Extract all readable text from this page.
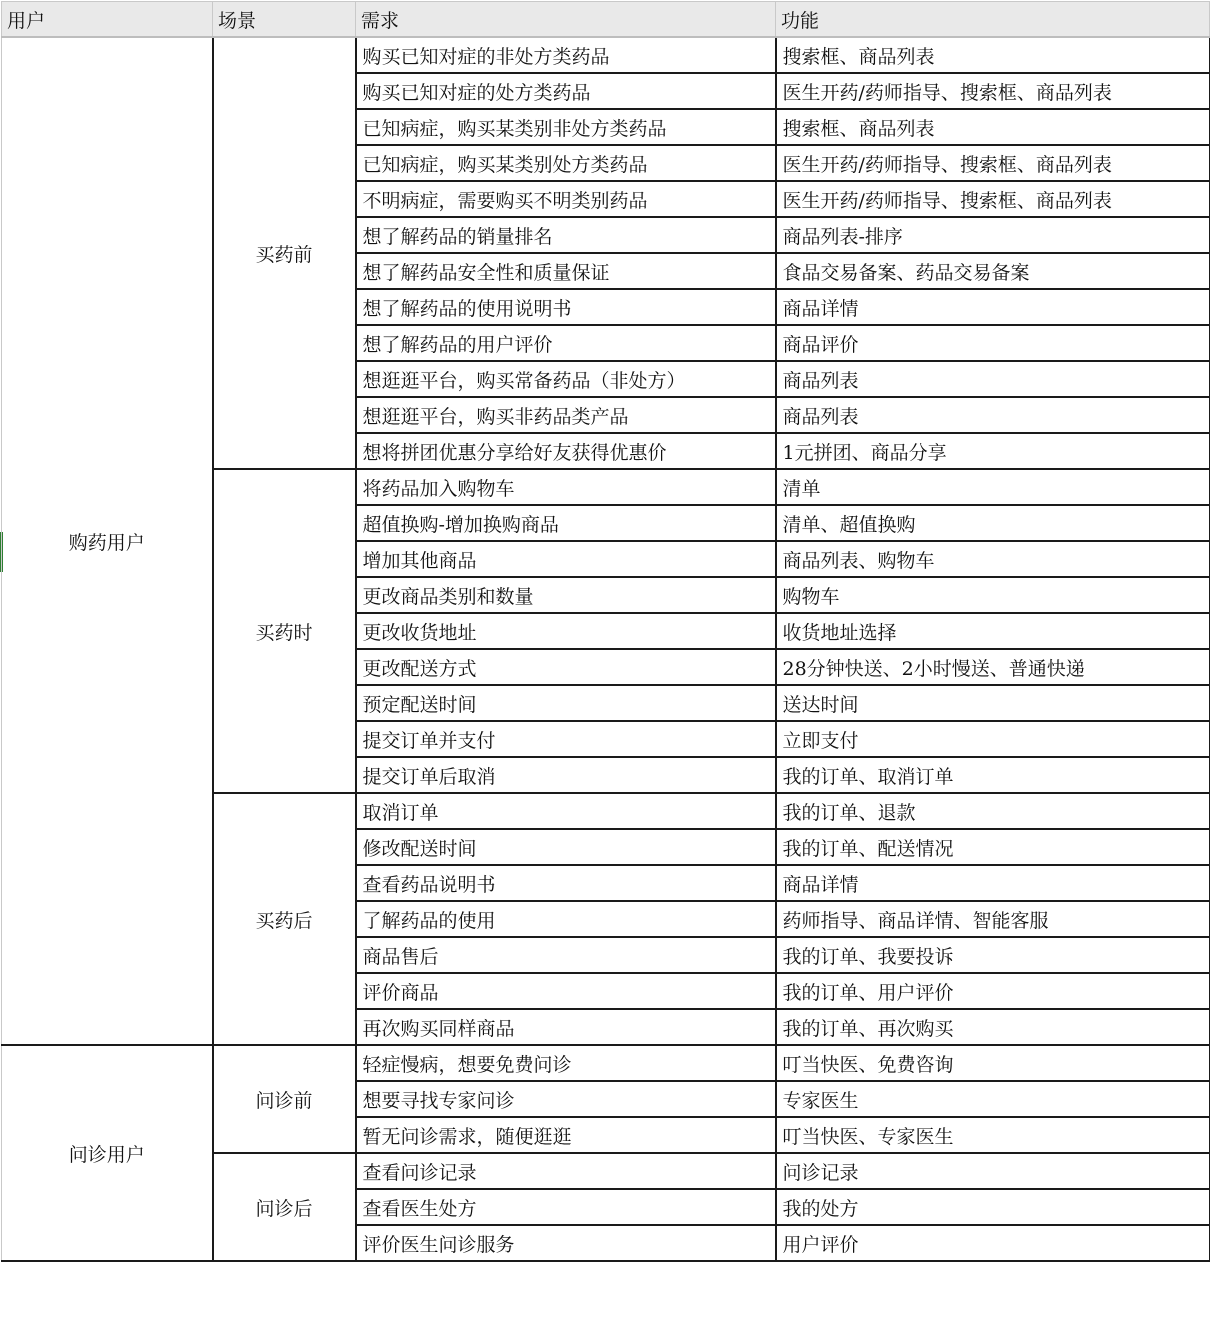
用户	场景	需求	功能
购药用户	买药前	购买已知对症的非处方类药品	搜索框、商品列表
		购买已知对症的处方类药品	医生开药/药师指导、搜索框、商品列表
		已知病症，购买某类别非处方类药品	搜索框、商品列表
		已知病症，购买某类别处方类药品	医生开药/药师指导、搜索框、商品列表
		不明病症，需要购买不明类别药品	医生开药/药师指导、搜索框、商品列表
		想了解药品的销量排名	商品列表-排序
		想了解药品安全性和质量保证	食品交易备案、药品交易备案
		想了解药品的使用说明书	商品详情
		想了解药品的用户评价	商品评价
		想逛逛平台，购买常备药品（非处方）	商品列表
		想逛逛平台，购买非药品类产品	商品列表
		想将拼团优惠分享给好友获得优惠价	1元拼团、商品分享
	买药时	将药品加入购物车	清单
		超值换购-增加换购商品	清单、超值换购
		增加其他商品	商品列表、购物车
		更改商品类别和数量	购物车
		更改收货地址	收货地址选择
		更改配送方式	28分钟快送、2小时慢送、普通快递
		预定配送时间	送达时间
		提交订单并支付	立即支付
		提交订单后取消	我的订单、取消订单
	买药后	取消订单	我的订单、退款
		修改配送时间	我的订单、配送情况
		查看药品说明书	商品详情
		了解药品的使用	药师指导、商品详情、智能客服
		商品售后	我的订单、我要投诉
		评价商品	我的订单、用户评价
		再次购买同样商品	我的订单、再次购买
问诊用户	问诊前	轻症慢病，想要免费问诊	叮当快医、免费咨询
		想要寻找专家问诊	专家医生
		暂无问诊需求，随便逛逛	叮当快医、专家医生
	问诊后	查看问诊记录	问诊记录
		查看医生处方	我的处方
		评价医生问诊服务	用户评价
